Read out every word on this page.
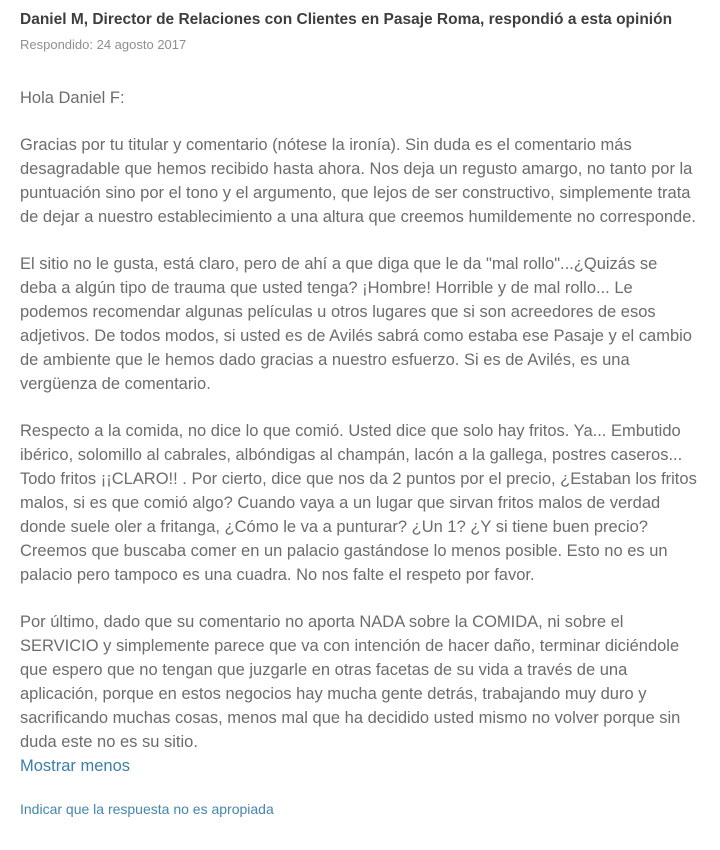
Daniel M, Director de Relaciones con Clientes en Pasaje Roma, respondió a esta opinión
Respondido: 24 agosto 2017

Hola Daniel F:

Gracias por tu titular y comentario (nótese la ironía). Sin duda es el comentario más desagradable que hemos recibido hasta ahora. Nos deja un regusto amargo, no tanto por la puntuación sino por el tono y el argumento, que lejos de ser constructivo, simplemente trata de dejar a nuestro establecimiento a una altura que creemos humildemente no corresponde.

El sitio no le gusta, está claro, pero de ahí a que diga que le da "mal rollo"...¿Quizás se deba a algún tipo de trauma que usted tenga? ¡Hombre! Horrible y de mal rollo... Le podemos recomendar algunas películas u otros lugares que si son acreedores de esos adjetivos. De todos modos, si usted es de Avilés sabrá como estaba ese Pasaje y el cambio de ambiente que le hemos dado gracias a nuestro esfuerzo. Si es de Avilés, es una vergüenza de comentario.

Respecto a la comida, no dice lo que comió. Usted dice que solo hay fritos. Ya... Embutido ibérico, solomillo al cabrales, albóndigas al champán, lacón a la gallega, postres caseros... Todo fritos ¡¡CLARO!! . Por cierto, dice que nos da 2 puntos por el precio, ¿Estaban los fritos malos, si es que comió algo? Cuando vaya a un lugar que sirvan fritos malos de verdad donde suele oler a fritanga, ¿Cómo le va a punturar? ¿Un 1? ¿Y si tiene buen precio? Creemos que buscaba comer en un palacio gastándose lo menos posible. Esto no es un palacio pero tampoco es una cuadra. No nos falte el respeto por favor.

Por último, dado que su comentario no aporta NADA sobre la COMIDA, ni sobre el SERVICIO y simplemente parece que va con intención de hacer daño, terminar diciéndole que espero que no tengan que juzgarle en otras facetas de su vida a través de una aplicación, porque en estos negocios hay mucha gente detrás, trabajando muy duro y sacrificando muchas cosas, menos mal que ha decidido usted mismo no volver porque sin duda este no es su sitio.

Mostrar menos
Indicar que la respuesta no es apropiada
